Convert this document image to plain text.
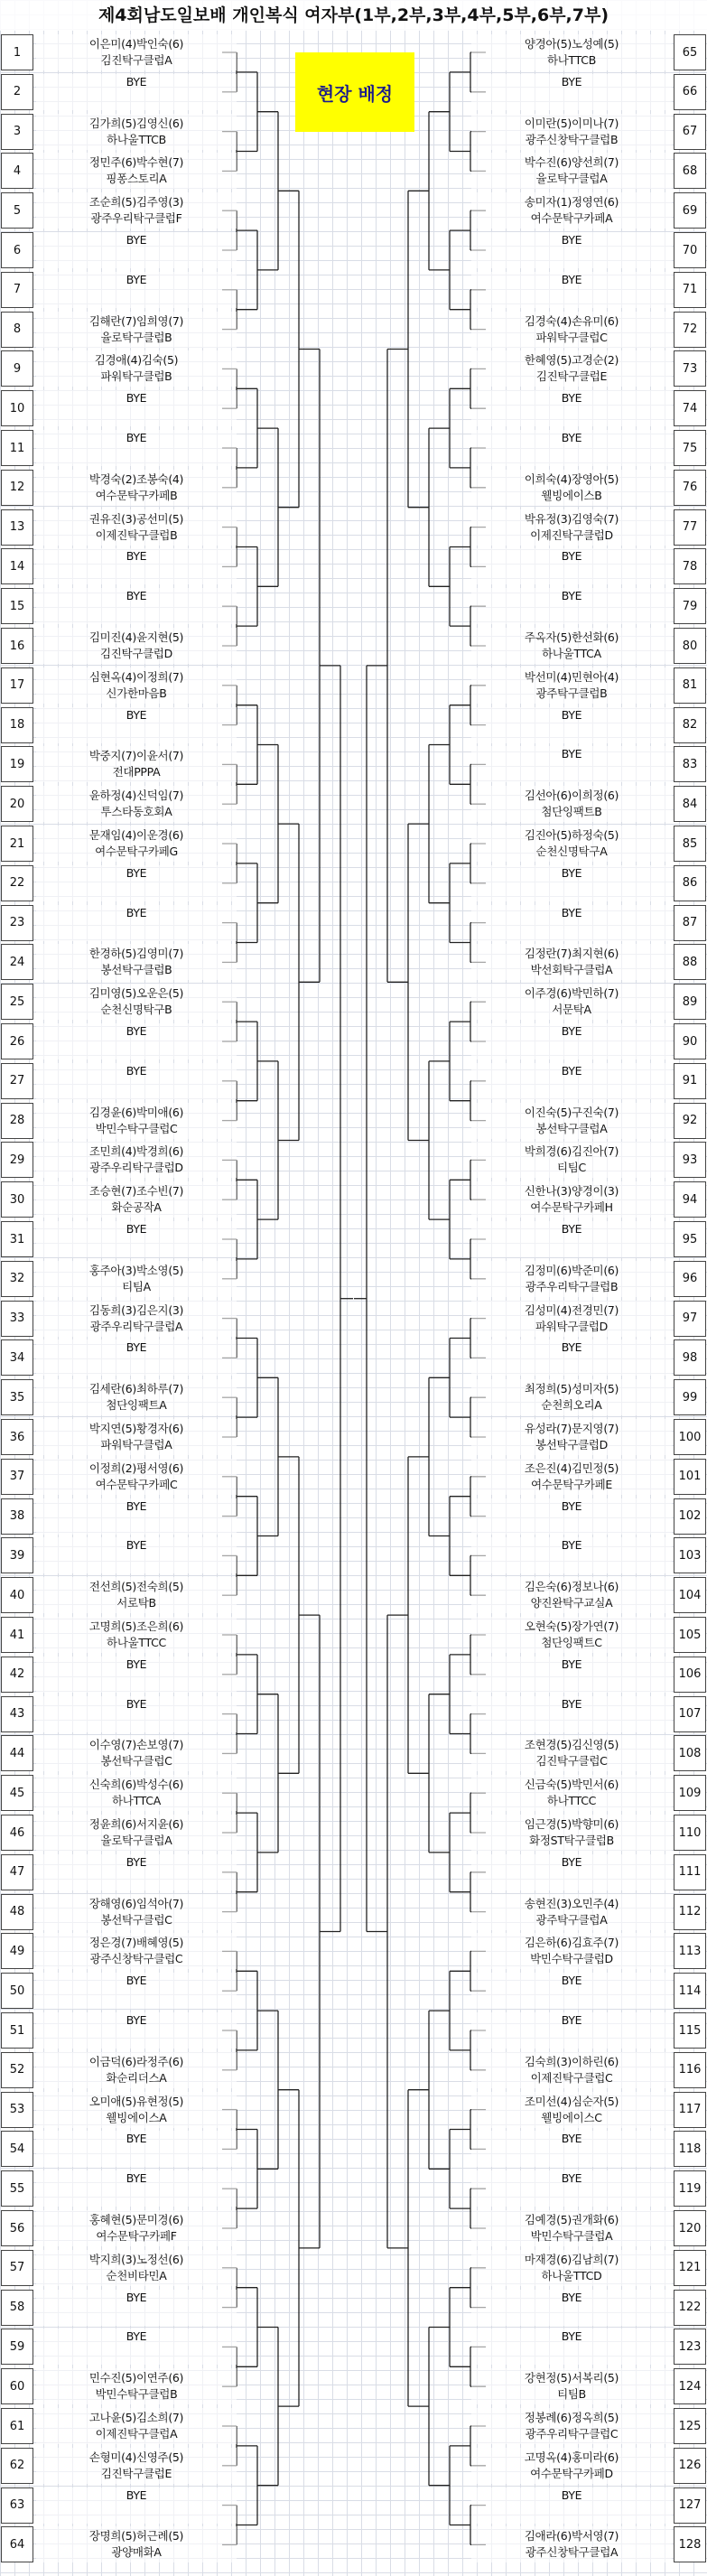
제4회남도일보배 개인복식 여자부(1부,2부,3부,4부,5부,6부,7부)
1
이은미(4)박인숙(6)
김진탁구클럽A
2
BYE
3
김가희(5)김영신(6)
하나울TTCB
4
정민주(6)박수현(7)
핑퐁스토리A
5
조순희(5)김주영(3)
광주우리탁구클럽F
6
BYE
7
BYE
8
김해란(7)임희영(7)
율로탁구클럽B
9
김경애(4)김숙(5)
파워탁구클럽B
10
BYE
11
BYE
12
박경숙(2)조봉숙(4)
여수문탁구카페B
13
권유진(3)공선미(5)
이제진탁구클럽B
14
BYE
15
BYE
16
김미진(4)윤지현(5)
김진탁구클럽D
17
심현옥(4)이정희(7)
신가한마음B
18
BYE
19
박중지(7)이윤서(7)
전대PPPA
20
윤하정(4)신덕임(7)
투스타동호회A
21
문재임(4)이운경(6)
여수문탁구카페G
22
BYE
23
BYE
24
한경하(5)김영미(7)
봉선탁구클럽B
25
김미영(5)오운은(5)
순천신명탁구B
26
BYE
27
BYE
28
김경윤(6)박미애(6)
박민수탁구클럽C
29
조민희(4)박경희(6)
광주우리탁구클럽D
30
조승현(7)조수빈(7)
화순공작A
31
BYE
32
홍주아(3)박소영(5)
티팀A
33
김동희(3)김은지(3)
광주우리탁구클럽A
34
BYE
35
김세란(6)최하루(7)
첨단잉팩트A
36
박지연(5)황경자(6)
파워탁구클럽A
37
이정희(2)평서영(6)
여수문탁구카페C
38
BYE
39
BYE
40
전선희(5)전숙희(5)
서로탁B
41
고명희(5)조은희(6)
하나울TTCC
42
BYE
43
BYE
44
이수영(7)손보영(7)
봉선탁구클럽C
45
신숙희(6)박성수(6)
하나TTCA
46
정윤희(6)서지윤(6)
율로탁구클럽A
47
BYE
48
장해영(6)임석아(7)
봉선탁구클럽C
49
정은경(7)배혜영(5)
광주신창탁구클럽C
50
BYE
51
BYE
52
이금덕(6)라정주(6)
화순리더스A
53
오미애(5)유현정(5)
웰빙에이스A
54
BYE
55
BYE
56
홍혜현(5)문미경(6)
여수문탁구카페F
57
박지희(3)노정선(6)
순천비타민A
58
BYE
59
BYE
60
민수진(5)이연주(6)
박민수탁구클럽B
61
고나윤(5)김소희(7)
이제진탁구클럽A
62
손형미(4)신영주(5)
김진탁구클럽E
63
BYE
64
장명희(5)허근례(5)
광양매화A
65
양경아(5)노성예(5)
하나TTCB
66
BYE
67
이미란(5)이미나(7)
광주신창탁구클럽B
68
박수진(6)양선희(7)
율로탁구클럽A
69
송미자(1)정영연(6)
여수문탁구카페A
70
BYE
71
BYE
72
김경숙(4)손유미(6)
파워탁구클럽C
73
한혜영(5)고경순(2)
김진탁구클럽E
74
BYE
75
BYE
76
이희숙(4)장영아(5)
웰빙에이스B
77
박유정(3)김영숙(7)
이제진탁구클럽D
78
BYE
79
BYE
80
주옥자(5)한선화(6)
하나울TTCA
81
박선미(4)민현아(4)
광주탁구클럽B
82
BYE
83
BYE
84
김선아(6)이희정(6)
첨단잉팩트B
85
김진아(5)하정숙(5)
순천신명탁구A
86
BYE
87
BYE
88
김정란(7)최지현(6)
박선회탁구클럽A
89
이주경(6)박민하(7)
서문탁A
90
BYE
91
BYE
92
이진숙(5)구진숙(7)
봉선탁구클럽A
93
박희경(6)김진아(7)
티팀C
94
신한나(3)양경이(3)
여수문탁구카페H
95
BYE
96
김정미(6)박준미(6)
광주우리탁구클럽B
97
김성미(4)전경민(7)
파워탁구클럽D
98
BYE
99
최정희(5)성미자(5)
순천희오리A
100
유성라(7)문지영(7)
봉선탁구클럽D
101
조은진(4)김민정(5)
여수문탁구카페E
102
BYE
103
BYE
104
김은숙(6)정보나(6)
양진완탁구교실A
105
오현숙(5)장가연(7)
첨단잉팩트C
106
BYE
107
BYE
108
조현경(5)김신영(5)
김진탁구클럽C
109
신금숙(5)박민서(6)
하나TTCC
110
임근경(5)박향미(6)
화정ST탁구클럽B
111
BYE
112
송현진(3)오민주(4)
광주탁구클럽A
113
김은하(6)김효주(7)
박민수탁구클럽D
114
BYE
115
BYE
116
김숙희(3)이하린(6)
이제진탁구클럽C
117
조미선(4)심순자(5)
웰빙에이스C
118
BYE
119
BYE
120
김예경(5)권개화(6)
박민수탁구클럽A
121
마재경(6)김남희(7)
하나울TTCD
122
BYE
123
BYE
124
강현정(5)서복리(5)
티팀B
125
정봉례(6)정옥희(5)
광주우리탁구클럽C
126
고명옥(4)홍미라(6)
여수문탁구카페D
127
BYE
128
김애라(6)박서영(7)
광주신창탁구클럽A
현장 배정
